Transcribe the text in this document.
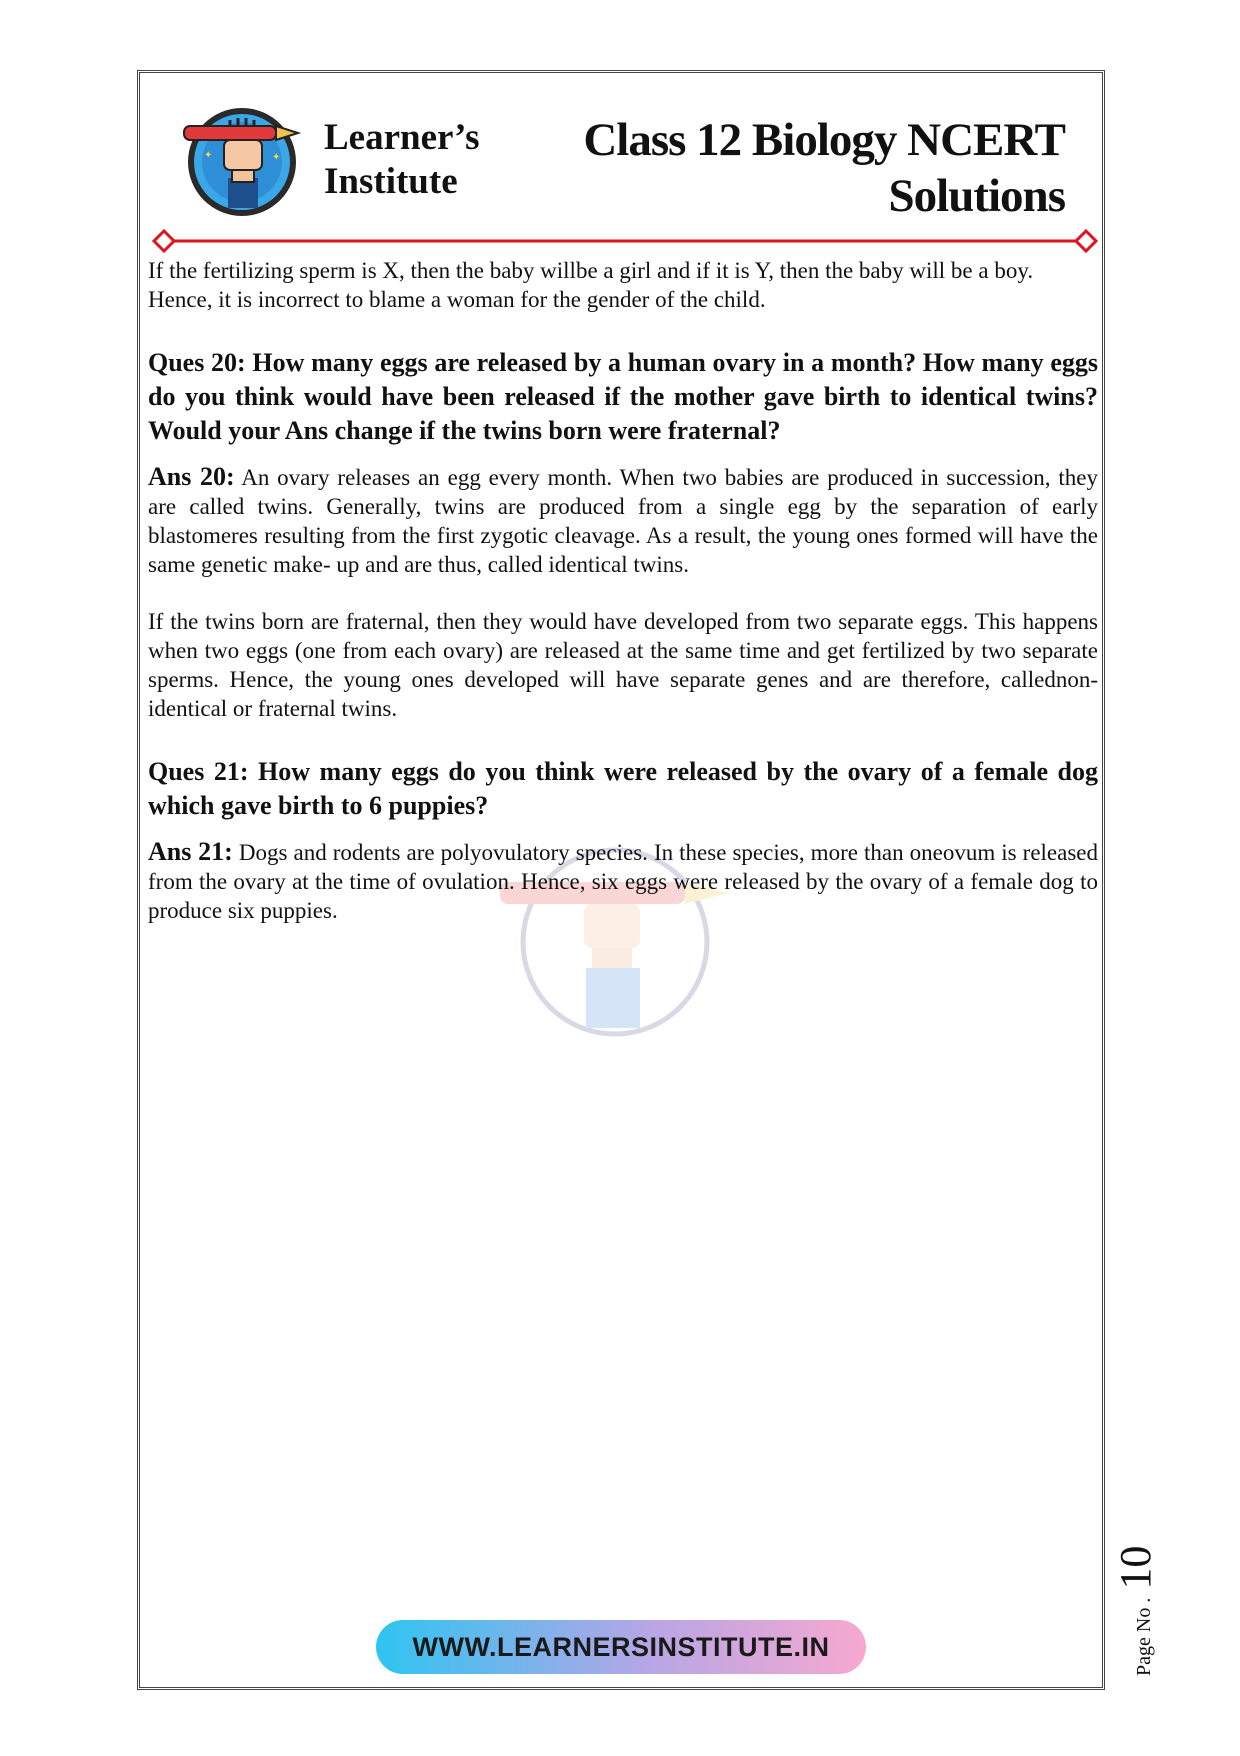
✦	✦ Learner’s
Institute
Class 12 Biology NCERT
Solutions

If the fertilizing sperm is X, then the baby willbe a girl and if it is Y, then the baby will be a boy.

Hence, it is incorrect to blame a woman for the gender of the child.

Ques 20: How many eggs are released by a human ovary in a month? How many eggs do you think would have been released if the mother gave birth to identical twins? Would your Ans change if the twins born were fraternal?

Ans 20: An ovary releases an egg every month. When two babies are produced in succession, they are called twins. Generally, twins are produced from a single egg by the separation of early blastomeres resulting from the first zygotic cleavage. As a result, the young ones formed will have the same genetic make- up and are thus, called identical twins.

If the twins born are fraternal, then they would have developed from two separate eggs. This happens when two eggs (one from each ovary) are released at the same time and get fertilized by two separate sperms. Hence, the young ones developed will have separate genes and are therefore, callednon-identical or fraternal twins.

Ques 21: How many eggs do you think were released by the ovary of a female dog which gave birth to 6 puppies?

Ans 21: Dogs and rodents are polyovulatory species. In these species, more than oneovum is released from the ovary at the time of ovulation. Hence, six eggs were released by the ovary of a female dog to produce six puppies.

WWW.LEARNERSINSTITUTE.IN	Page No .10
